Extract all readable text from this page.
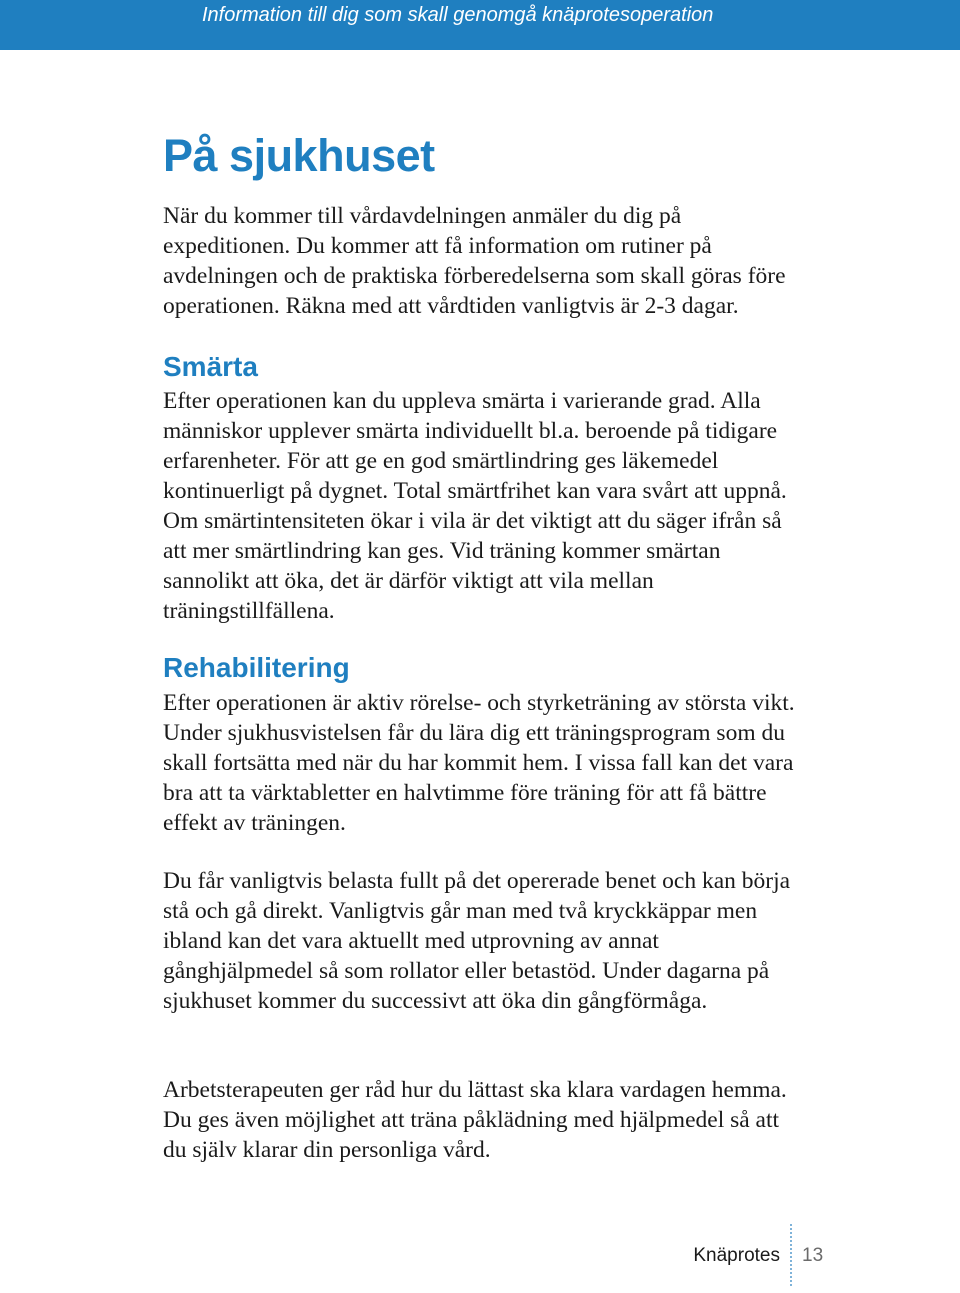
Information till dig som skall genomgå knäprotesoperation
På sjukhuset

När du kommer till vårdavdelningen anmäler du dig på expeditionen. Du kommer att få information om rutiner på avdelningen och de praktiska förberedelserna som skall göras före operationen. Räkna med att vårdtiden vanligtvis är 2-3 dagar.

Smärta

Efter operationen kan du uppleva smärta i varierande grad. Alla människor upplever smärta individuellt bl.a. beroende på tidigare erfarenheter. För att ge en god smärtlindring ges läkemedel kontinuerligt på dygnet. Total smärtfrihet kan vara svårt att uppnå. Om smärtintensiteten ökar i vila är det viktigt att du säger ifrån så att mer smärtlindring kan ges. Vid träning kommer smärtan sannolikt att öka, det är därför viktigt att vila mellan träningstillfällena.

Rehabilitering

Efter operationen är aktiv rörelse- och styrketräning av största vikt. Under sjukhusvistelsen får du lära dig ett träningsprogram som du skall fortsätta med när du har kommit hem. I vissa fall kan det vara bra att ta värktabletter en halvtimme före träning för att få bättre effekt av träningen.

Du får vanligtvis belasta fullt på det opererade benet och kan börja stå och gå direkt. Vanligtvis går man med två kryckkäppar men ibland kan det vara aktuellt med utprovning av annat gånghjälpmedel så som rollator eller betastöd. Under dagarna på sjukhuset kommer du successivt att öka din gångförmåga.

Arbetsterapeuten ger råd hur du lättast ska klara vardagen hemma. Du ges även möjlighet att träna påklädning med hjälpmedel så att du själv klarar din personliga vård.

Knäprotes 13
